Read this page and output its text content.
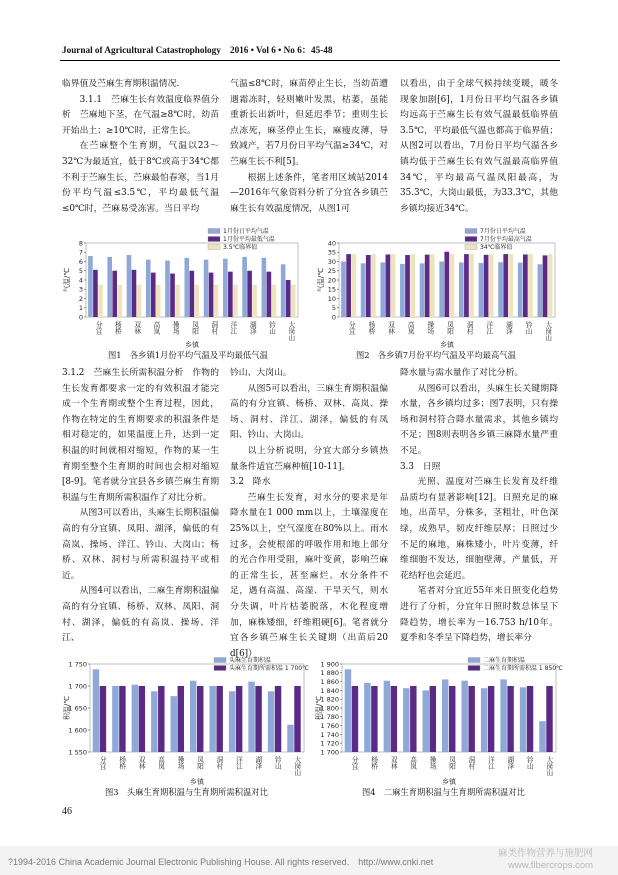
Journal of Agricultural Catastrophology　2016 • Vol 6 • No 6：45-48

临界值及苎麻生育期积温情况.

3.1.1　苎麻生长有效温度临界值分析　苎麻地下茎，在气温≥8℃时，幼苗开始出土；≥10℃时，正常生长。

在苎麻整个生育期，气温以23～32℃为最适宜，低于8℃或高于34℃都不利于苎麻生长，苎麻最怕春寒，当1月份平均气温≤3.5℃，平均最低气温≤0℃时，苎麻易受冻害。当日平均

气温≤8℃时，麻苗停止生长，当幼苗遭遇霜冻时，轻则嫩叶发黑，枯萎，虽能重新长出新叶，但延迟季节；重则生长点冻死，麻茎停止生长，麻瘦皮薄，导致减产，若7月份日平均气温≥34℃，对苎麻生长不利[5]。

根据上述条件，笔者用区域站2014—2016年气象资料分析了分宜各乡镇苎麻生长有效温度情况，从图1可

以看出，由于全球气候持续变暖，暖冬现象加剧[6]，1月份日平均气温各乡镇均远高于苎麻生长有效气温最低临界值3.5℃，平均最低气温也都高于临界值；从图2可以看出，7月份日平均气温各乡镇均低于苎麻生长有效气温最高临界值34℃，平均最高气温凤阳最高，为35.3℃，大岗山最低，为33.3℃，其他乡镇均接近34℃。

8
7
6
5
4
3
2
1
0
分宜 杨桥 双林 高岚 操场 凤阳 洞村 洋江 湖泽 钤山 大岗山
气温/℃
乡镇
1月份日平均气温
1月份平均最低气温
3.5℃临界值
图1　各乡镇1月份平均气温及平均最低气温
40
35
30
25
20
15
10
5
0
分宜 杨桥 双林 高岚 操场 凤阳 洞村 洋江 湖泽 钤山 大岗山
气温/℃
乡镇
7月份日平均气温
7月份平均最高气温
34℃临界值
图2　各乡镇7月份平均气温及平均最高气温

3.1.2　苎麻生长所需积温分析　作物的生长发育都要求一定的有效积温才能完成一个生育期或整个生育过程，因此，作物在特定的生育期要求的积温条件是相对稳定的，如果温度上升，达到一定积温的时间就相对缩短，作物的某一生育期至整个生育期的时间也会相对缩短[8-9]。笔者就分宜县各乡镇苎麻生育期积温与生育期所需积温作了对比分析。

从图3可以看出，头麻生长期积温偏高的有分宜镇、凤阳、湖泽，偏低的有高岚、操场、洋江、钤山、大岗山；杨桥、双林、洞村与所需积温持平或相近。

从图4可以看出，二麻生育期积温偏高的有分宜镇、杨桥、双林、凤阳、洞村、湖泽，偏低的有高岚、操场、洋江、

钤山、大岗山。

从图5可以看出，三麻生育期积温偏高的有分宜镇、杨桥、双林、高岚、操场、洞村、洋江、湖泽，偏低的有凤阳、钤山、大岗山。

以上分析说明，分宜大部分乡镇热量条件适宜苎麻种植[10-11]。

3.2　降水

苎麻生长发育，对水分的要求是年降水量在1 000 mm以上，土壤湿度在25%以上，空气湿度在80%以上。雨水过多，会使根部的呼吸作用和地上部分的光合作用受阻，麻叶变黄，影响苎麻的正常生长，甚至麻烂。水分条件不足，遇有高温、高湿、干旱天气，则水分失调，叶片枯萎脱落，木化程度增加，麻株矮细，纤维粗硬[6]。笔者就分宜各乡镇苎麻生长关键期（出苗后20 d[6]）

降水量与需水量作了对比分析。

从图6可以看出，头麻生长关键期降水量，各乡镇均过多；图7表明，只有操场和洞村符合降水量需求，其他乡镇均不足；图8则表明各乡镇三麻降水量严重不足。

3.3　日照

光照、温度对苎麻生长发育及纤维品质均有显著影响[12]。日照充足的麻地，出苗早，分株多，茎粗壮，叶色深绿，成熟早，韧皮纤维层厚；日照过少不足的麻地，麻株矮小，叶片变薄，纤维细胞不发达，细胞壁薄，产量低，开花结籽也会延迟。

笔者对分宜近55年来日照变化趋势进行了分析，分宜年日照时数总体呈下降趋势，增长率为－16.753 h/10年。夏季和冬季呈下降趋势，增长率分

1 750
1 700
1 650
1 600
1 550
分宜 杨桥 双林 高岚 操场 凤阳 洞村 洋江 湖泽 钤山 大岗山
积温/℃
乡镇
头麻生育期积温
头麻生育期所需积温 1 700℃
图3　头麻生育期积温与生育期所需积温对比
1 900
1 880
1 860
1 840
1 820
1 800
1 780
1 760
1 740
1 720
1 700
分宜 杨桥 双林 高岚 操场 凤阳 洞村 洋江 湖泽 钤山 大岗山
积温/℃
乡镇
二麻生育期积温
二麻生育期所需积温 1 850℃
图4　二麻生育期积温与生育期所需积温对比
46
?1994-2016 China Academic Journal Electronic Publishing House. All rights reserved.　http://www.cnki.net
麻类作物营养与施肥网
www.fibercrops.com
